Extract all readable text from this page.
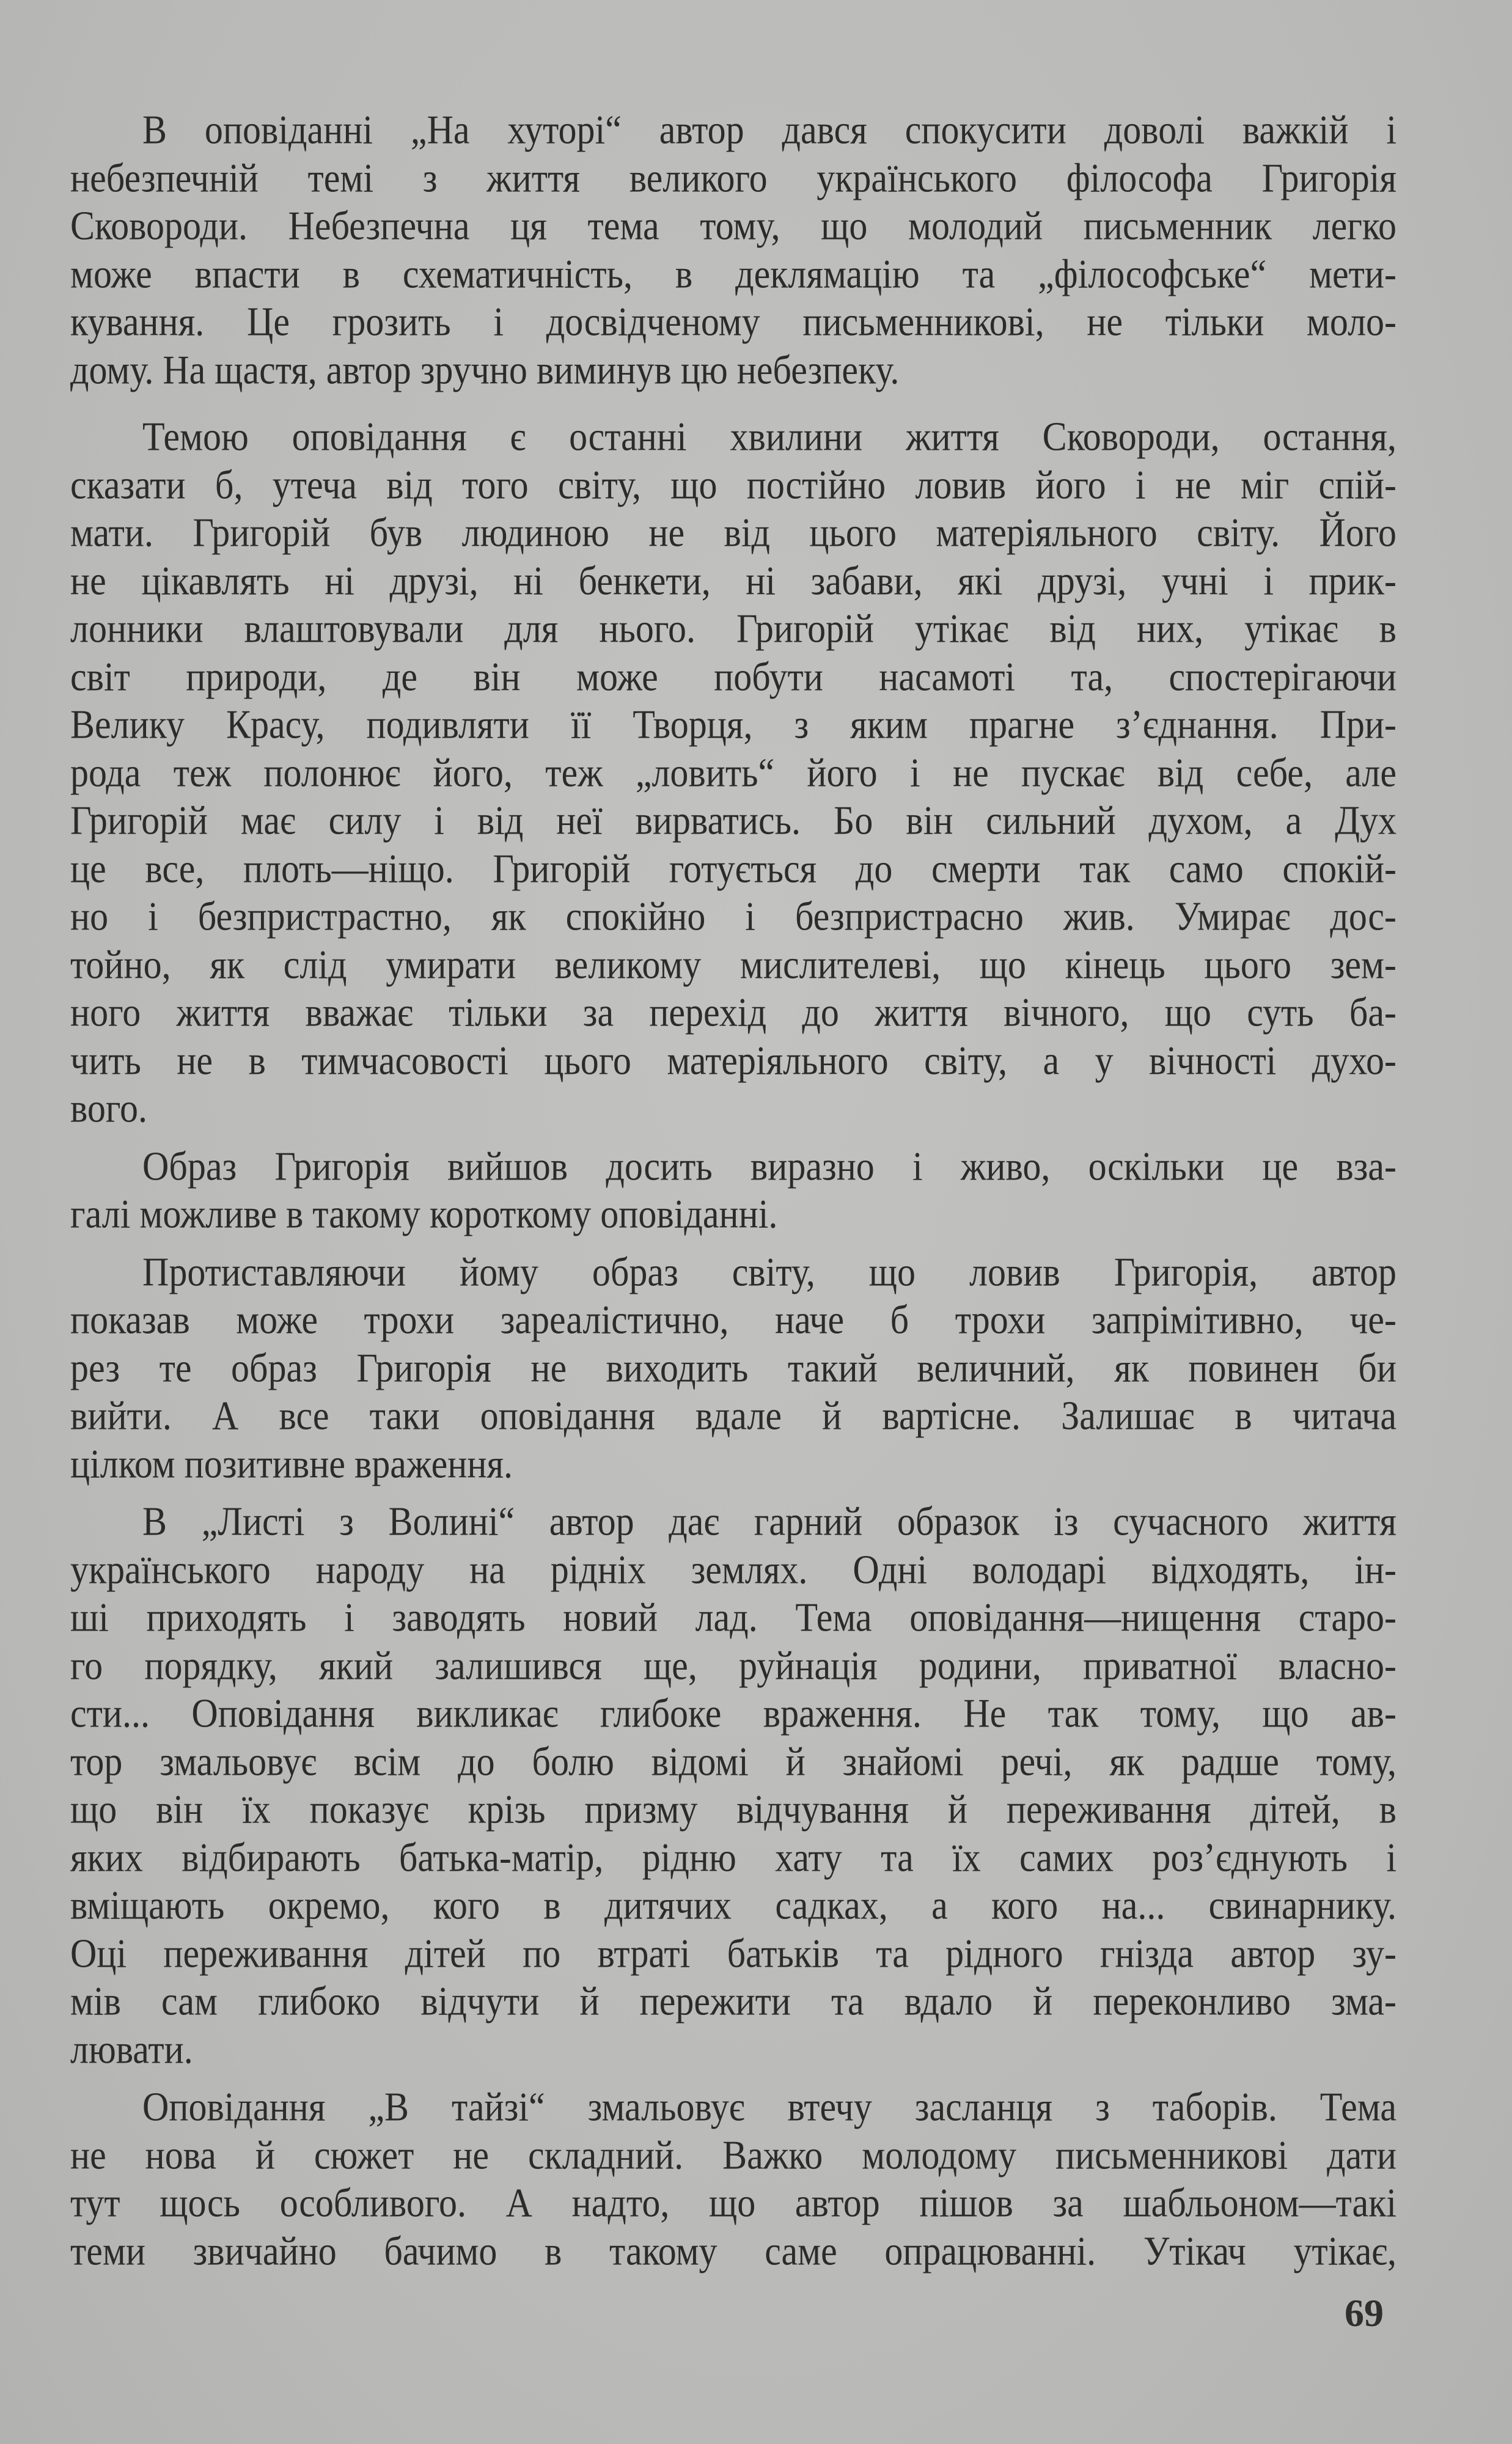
В оповіданні „На хуторі“ автор дався спокусити доволі важкій і
небезпечній темі з життя великого українського філософа Григорія
Сковороди. Небезпечна ця тема тому, що молодий письменник легко
може впасти в схематичність, в деклямацію та „філософське“ мети-
кування. Це грозить і досвідченому письменникові, не тільки моло-
дому. На щастя, автор зручно виминув цю небезпеку.
Темою оповідання є останні хвилини життя Сковороди, остання,
сказати б, утеча від того світу, що постійно ловив його і не міг спій-
мати. Григорій був людиною не від цього матеріяльного світу. Його
не цікавлять ні друзі, ні бенкети, ні забави, які друзі, учні і прик-
лонники влаштовували для нього. Григорій утікає від них, утікає в
світ природи, де він може побути насамоті та, спостерігаючи
Велику Красу, подивляти її Творця, з яким прагне з’єднання. При-
рода теж полонює його, теж „ловить“ його і не пускає від себе, але
Григорій має силу і від неї вирватись. Бо він сильний духом, а Дух
це все, плоть—ніщо. Григорій готується до смерти так само спокій-
но і безпристрастно, як спокійно і безпристрасно жив. Умирає дос-
тойно, як слід умирати великому мислителеві, що кінець цього зем-
ного життя вважає тільки за перехід до життя вічного, що суть ба-
чить не в тимчасовості цього матеріяльного світу, а у вічності духо-
вого.
Образ Григорія вийшов досить виразно і живо, оскільки це вза-
галі можливе в такому короткому оповіданні.
Протиставляючи йому образ світу, що ловив Григорія, автор
показав може трохи зареалістично, наче б трохи запрімітивно, че-
рез те образ Григорія не виходить такий величний, як повинен би
вийти. А все таки оповідання вдале й вартісне. Залишає в читача
цілком позитивне враження.
В „Листі з Волині“ автор дає гарний образок із сучасного життя
українського народу на рідніх землях. Одні володарі відходять, ін-
ші приходять і заводять новий лад. Тема оповідання—нищення старо-
го порядку, який залишився ще, руйнація родини, приватної власно-
сти... Оповідання викликає глибоке враження. Не так тому, що ав-
тор змальовує всім до болю відомі й знайомі речі, як радше тому,
що він їх показує крізь призму відчування й переживання дітей, в
яких відбирають батька-матір, рідню хату та їх самих роз’єднують і
вміщають окремо, кого в дитячих садках, а кого на... свинарнику.
Оці переживання дітей по втраті батьків та рідного гнізда автор зу-
мів сам глибоко відчути й пережити та вдало й переконливо зма-
лювати.
Оповідання „В тайзі“ змальовує втечу засланця з таборів. Тема
не нова й сюжет не складний. Важко молодому письменникові дати
тут щось особливого. А надто, що автор пішов за шабльоном—такі
теми звичайно бачимо в такому саме опрацюванні. Утікач утікає,
69
